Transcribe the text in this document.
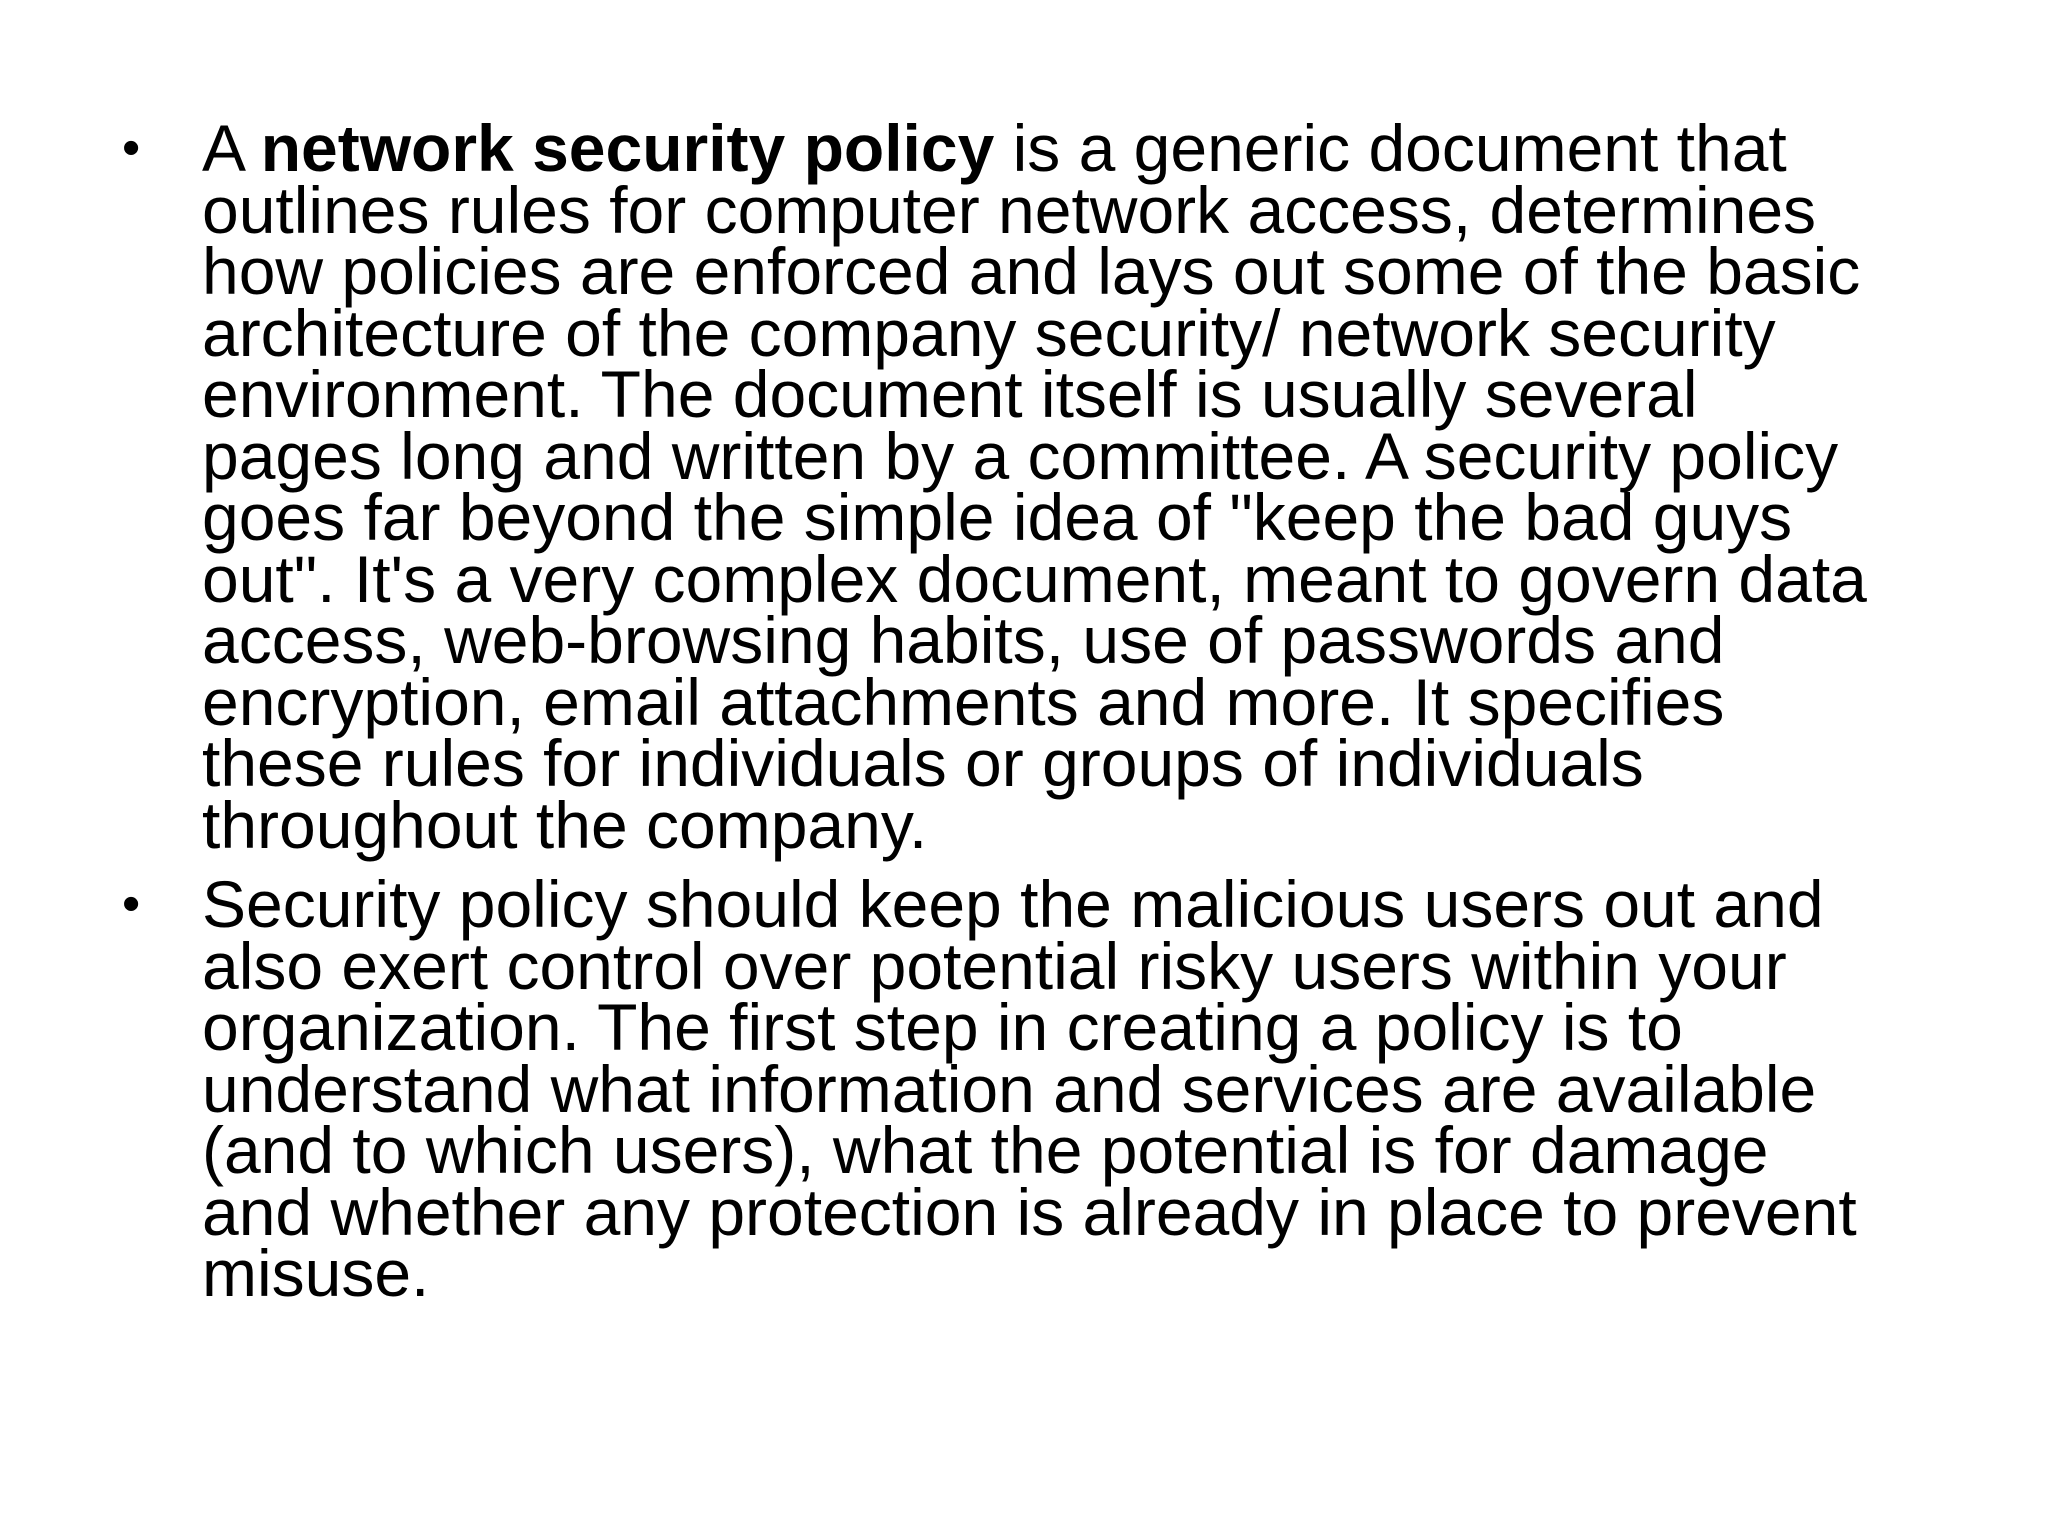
• A network security policy is a generic document that
outlines rules for computer network access, determines
how policies are enforced and lays out some of the basic
architecture of the company security/ network security
environment. The document itself is usually several
pages long and written by a committee. A security policy
goes far beyond the simple idea of "keep the bad guys
out". It's a very complex document, meant to govern data
access, web-browsing habits, use of passwords and
encryption, email attachments and more. It specifies
these rules for individuals or groups of individuals
throughout the company.
• Security policy should keep the malicious users out and
also exert control over potential risky users within your
organization. The first step in creating a policy is to
understand what information and services are available
(and to which users), what the potential is for damage
and whether any protection is already in place to prevent
misuse.
